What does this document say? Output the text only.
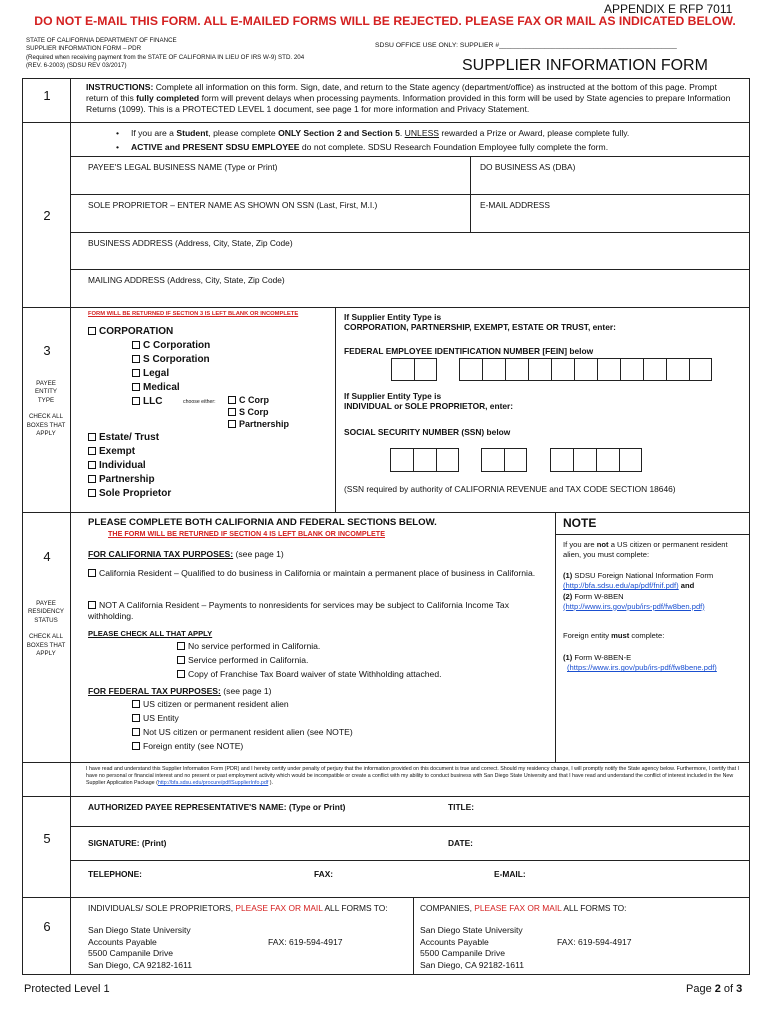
APPENDIX E RFP 7011
DO NOT E-MAIL THIS FORM. ALL E-MAILED FORMS WILL BE REJECTED. PLEASE FAX OR MAIL AS INDICATED BELOW.
STATE OF CALIFORNIA DEPARTMENT OF FINANCE
SUPPLIER INFORMATION FORM – PDR
(Required when receiving payment from the STATE OF CALIFORNIA IN LIEU OF IRS W-9) STD. 204
(REV. 6-2003) (SDSU REV 03/2017)
SDSU OFFICE USE ONLY: SUPPLIER #_______________________________________________
SUPPLIER INFORMATION FORM
1
INSTRUCTIONS: Complete all information on this form. Sign, date, and return to the State agency (department/office) as instructed at the bottom of this page. Prompt return of this fully completed form will prevent delays when processing payments. Information provided in this form will be used by State agencies to prepare Information Returns (1099). This is a PROTECTED LEVEL 1 document, see page 1 for more information and Privacy Statement.
2
•     If you are a Student, please complete ONLY Section 2 and Section 5. UNLESS rewarded a Prize or Award, please complete fully.
•     ACTIVE and PRESENT SDSU EMPLOYEE do not complete. SDSU Research Foundation Employee fully complete the form.
PAYEE'S LEGAL BUSINESS NAME (Type or Print)	DO BUSINESS AS (DBA)
SOLE PROPRIETOR – ENTER NAME AS SHOWN ON SSN (Last, First, M.I.)	E-MAIL ADDRESS
BUSINESS ADDRESS (Address, City, State, Zip Code)
MAILING ADDRESS (Address, City, State, Zip Code)
3
PAYEE
ENTITY
TYPE

CHECK ALL
BOXES THAT
APPLY
FORM WILL BE RETURNED IF SECTION 3 IS LEFT BLANK OR INCOMPLETE
CORPORATION
C Corporation
S Corporation
Legal
Medical
LLC	choose either:	C Corp
S Corp
Partnership
Estate/ Trust
Exempt
Individual
Partnership
Sole Proprietor
If Supplier Entity Type is
CORPORATION, PARTNERSHIP, EXEMPT, ESTATE OR TRUST, enter:
FEDERAL EMPLOYEE IDENTIFICATION NUMBER [FEIN] below
If Supplier Entity Type is
INDIVIDUAL or SOLE PROPRIETOR, enter:
SOCIAL SECURITY NUMBER (SSN) below
(SSN required by authority of CALIFORNIA REVENUE and TAX CODE SECTION 18646)
4
PAYEE
RESIDENCY
STATUS

CHECK ALL
BOXES THAT
APPLY
PLEASE COMPLETE BOTH CALIFORNIA AND FEDERAL SECTIONS BELOW.
THE FORM WILL BE RETURNED IF SECTION 4 IS LEFT BLANK OR INCOMPLETE
FOR CALIFORNIA TAX PURPOSES: (see page 1)
California Resident – Qualified to do business in California or maintain a permanent place of business in California.
NOT A California Resident – Payments to nonresidents for services may be subject to California Income Tax withholding.
PLEASE CHECK ALL THAT APPLY
No service performed in California.
Service performed in California.
Copy of Franchise Tax Board waiver of state Withholding attached.
FOR FEDERAL TAX PURPOSES: (see page 1)
US citizen or permanent resident alien
US Entity
Not US citizen or permanent resident alien (see NOTE)
Foreign entity (see NOTE)
NOTE
If you are not a US citizen or permanent resident alien, you must complete:
(1) SDSU Foreign National Information Form
(http://bfa.sdsu.edu/ap/pdf/fnif.pdf) and
(2) Form W-8BEN
(http://www.irs.gov/pub/irs-pdf/fw8ben.pdf)
Foreign entity must complete:
(1) Form W-8BEN-E
(https://www.irs.gov/pub/irs-pdf/fw8bene.pdf)
I have read and understand this Supplier Information Form (PDR) and I hereby certify under penalty of perjury that the information provided on this document is true and correct. Should my residency change, I will promptly notify the State agency below. Furthermore, I certify that I have no personal or financial interest and no present or past employment activity which would be incompatible or create a conflict with my ability to conduct business with San Diego State University and that I have read and understand the conflict of interest included in the New Supplier Application Package (http://bfa.sdsu.edu/procure/pdf/SupplierInfo.pdf ).
5
AUTHORIZED PAYEE REPRESENTATIVE'S NAME: (Type or Print)	TITLE:
SIGNATURE: (Print)	DATE:
TELEPHONE:	FAX:	E-MAIL:
6
INDIVIDUALS/ SOLE PROPRIETORS, PLEASE FAX OR MAIL ALL FORMS TO:
San Diego State University
Accounts Payable
5500 Campanile Drive
San Diego, CA 92182-1611
FAX: 619-594-4917
COMPANIES, PLEASE FAX OR MAIL ALL FORMS TO:
San Diego State University
Accounts Payable
5500 Campanile Drive
San Diego, CA 92182-1611
FAX: 619-594-4917
Protected Level 1	Page 2 of 3
